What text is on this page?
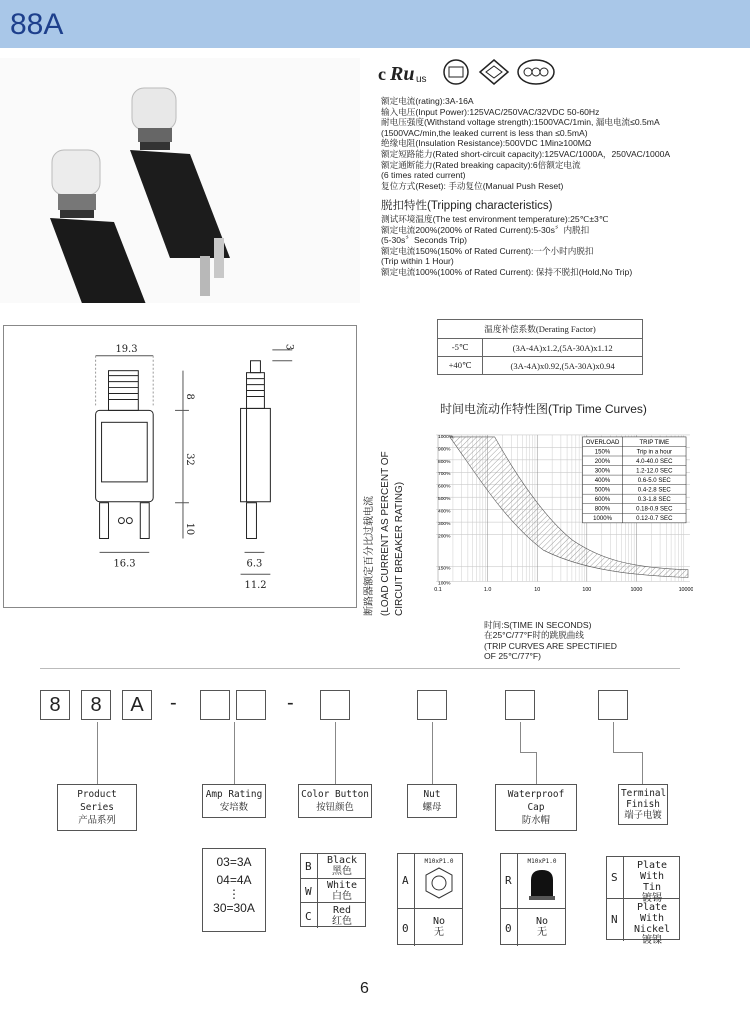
88A
c Ru us

额定电流(rating):3A-16A

输入电压(Input Power):125VAC/250VAC/32VDC 50-60Hz

耐电压强度(Withstand voltage strength):1500VAC/1min, 漏电电流≤0.5mA

(1500VAC/min,the leaked current is less than ≤0.5mA)

绝缘电阻(Insulation Resistance):500VDC 1Min≥100MΩ

额定短路能力(Rated short-circuit capacity):125VAC/1000A，250VAC/1000A

额定通断能力(Rated breaking capacity):6倍额定电流

(6 times rated current)

复位方式(Reset): 手动复位(Manual Push Reset)

脱扣特性(Tripping characteristics)

测试环境温度(The test environment temperature):25℃±3℃

额定电流200%(200% of Rated Current):5-30s〞内脱扣

(5-30s〞Seconds Trip)

额定电流150%(150% of Rated Current):一个小时内脱扣

(Trip within 1 Hour)

额定电流100%(100% of Rated Current): 保持不脱扣(Hold,No Trip)

19.3
8
32
10
16.3
3
6.3
11.2
温度补偿系数(Derating Factor)	
-5℃	(3A-4A)x1.2,(5A-30A)x1.12
+40℃	(3A-4A)x0.92,(5A-30A)x0.94
时间电流动作特性图(Trip Time Curves)
断路器额定百分比过载电流 (LOAD CURRENT AS PERCENT OF CIRCUIT BREAKER RATING)
1000%
900%
800%
700%
600%
500%
400%
300%
200%
150%
100%
0.1	1.0	10	100	1000	10000
OVERLOAD	TRIP TIME
150%	Trip in a hour
200%	4.0-40.0 SEC
300%	1.2-12.0 SEC
400%	0.6-5.0 SEC
500%	0.4-2.8 SEC
600%	0.3-1.8 SEC
800%	0.18-0.9 SEC
1000%	0.12-0.7 SEC

时间:S(TIME IN SECONDS)

在25°C/77°F时的跳脱曲线

(TRIP CURVES ARE SPECTIFIED

OF 25℃/77°F)

8	8	A	-	-
Product Series
产品系列
Amp Rating
安培数
Color Button
按钮颜色
Nut
螺母
Waterproof Cap
防水帽
Terminal
Finish
端子电镀
03=3A
04=4A
⋮
30=30A
B	Black
黑色
W	White
白色
C	Red
红色
A
M10xP1.0
0
No
无
R
M10xP1.0
0
No
无
S
Plate With
Tin
镀锡
N
Plate With
Nickel
镀镍
6
